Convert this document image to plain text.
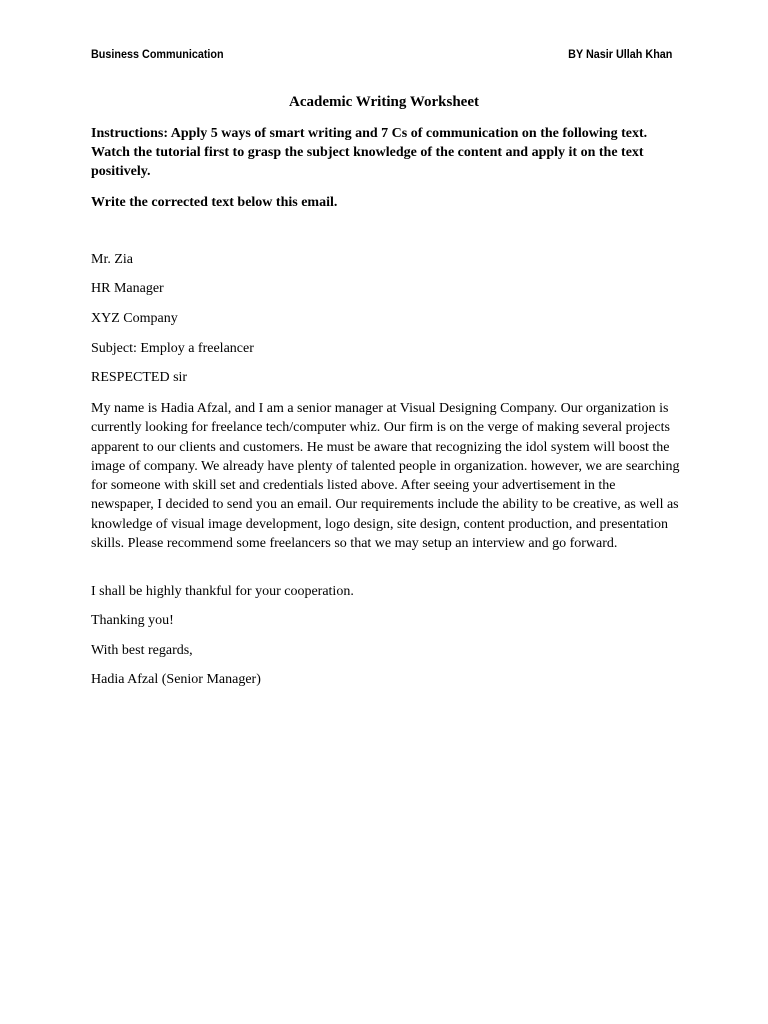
Business Communication	BY Nasir Ullah Khan
Academic Writing Worksheet
Instructions: Apply 5 ways of smart writing and 7 Cs of communication on the following text. Watch the tutorial first to grasp the subject knowledge of the content and apply it on the text positively.
Write the corrected text below this email.
Mr. Zia
HR Manager
XYZ Company
Subject: Employ a freelancer
RESPECTED sir
My name is Hadia Afzal, and I am a senior manager at Visual Designing Company. Our organization is currently looking for freelance tech/computer whiz. Our firm is on the verge of making several projects apparent to our clients and customers. He must be aware that recognizing the idol system will boost the image of company. We already have plenty of talented people in organization. however, we are searching for someone with skill set and credentials listed above. After seeing your advertisement in the newspaper, I decided to send you an email. Our requirements include the ability to be creative, as well as knowledge of visual image development, logo design, site design, content production, and presentation skills. Please recommend some freelancers so that we may setup an interview and go forward.
I shall be highly thankful for your cooperation.
Thanking you!
With best regards,
Hadia Afzal (Senior Manager)
